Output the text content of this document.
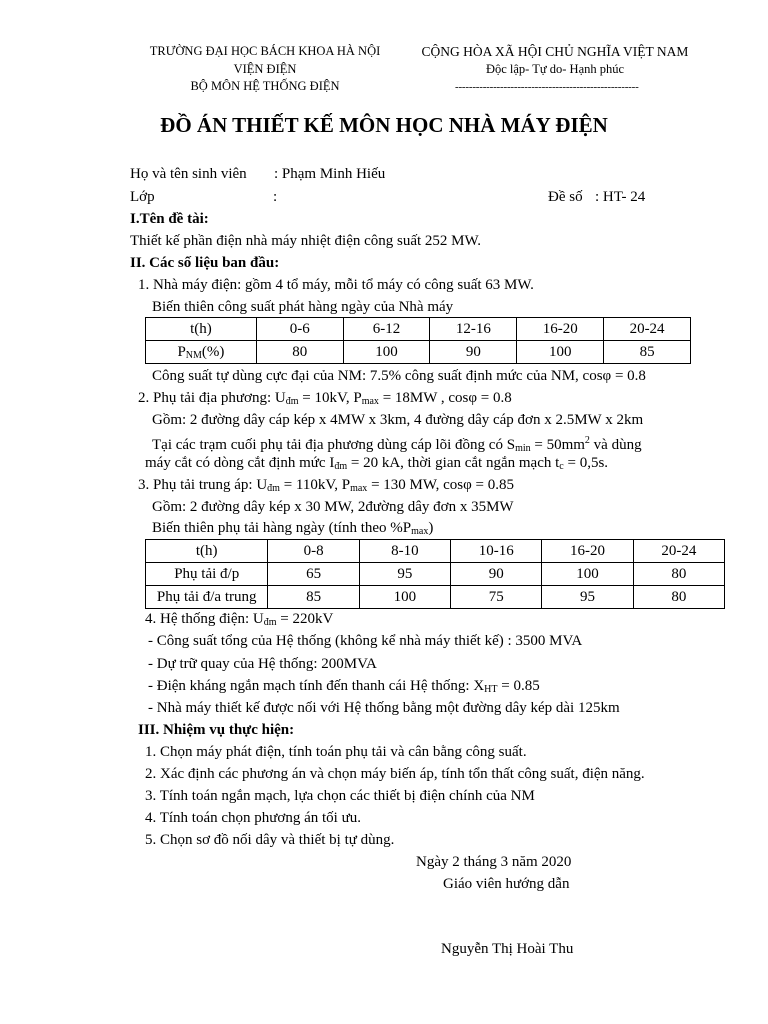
TRƯỜNG ĐẠI HỌC BÁCH KHOA HÀ NỘI
VIỆN ĐIỆN
BỘ MÔN HỆ THỐNG ĐIỆN
CỘNG HÒA XÃ HỘI CHỦ NGHĨA VIỆT NAM
Độc lập- Tự do- Hạnh phúc
-----------------------------------------------------
ĐỒ ÁN THIẾT KẾ MÔN HỌC NHÀ MÁY ĐIỆN
Họ và tên sinh viên : Phạm Minh Hiếu
Lớp	:	Đề số : HT- 24
I.Tên đề tài:
Thiết kế phần điện nhà máy nhiệt điện công suất 252 MW.
II. Các số liệu ban đầu:
1. Nhà máy điện: gồm 4 tổ máy, mỗi tổ máy có công suất 63 MW.
Biến thiên công suất phát hàng ngày của Nhà máy
t(h)	0-6	6-12	12-16	16-20	20-24
$P_{NM}(\%)$	80	100	90	100	85
Công suất tự dùng cực đại của NM: 7.5% công suất định mức của NM, cosφ = 0.8
2. Phụ tải địa phương: $U_{đm} = 10kV$, $P_{max} = 18MW$ , cosφ = 0.8
Gồm: 2 đường dây cáp kép x 4MW x 3km, 4 đường dây cáp đơn x 2.5MW x 2km
Tại các trạm cuối phụ tải địa phương dùng cáp lõi đồng có $S_{min} = 50mm^2$ và dùng
máy cắt có dòng cắt định mức $I_{đm} = 20$ kA, thời gian cắt ngắn mạch $t_c = 0,5s$.
3. Phụ tải trung áp: $U_{đm} = 110kV$, $P_{max} = 130$ MW, cosφ = 0.85
Gồm: 2 đường dây kép x 30 MW, 2đường dây đơn x 35MW
Biến thiên phụ tải hàng ngày (tính theo $\%P_{max}$)
t(h)	0-8	8-10	10-16	16-20	20-24
Phụ tải đ/p	65	95	90	100	80
Phụ tải đ/a trung	85	100	75	95	80
4. Hệ thống điện: $U_{đm} = 220kV$
- Công suất tổng của Hệ thống (không kể nhà máy thiết kế) : 3500 MVA
- Dự trữ quay của Hệ thống: 200MVA
- Điện kháng ngắn mạch tính đến thanh cái Hệ thống: $X_{HT} = 0.85$
- Nhà máy thiết kế được nối với Hệ thống bằng một đường dây kép dài 125km
III. Nhiệm vụ thực hiện:
1. Chọn máy phát điện, tính toán phụ tải và cân bằng công suất.
2. Xác định các phương án và chọn máy biến áp, tính tổn thất công suất, điện năng.
3. Tính toán ngắn mạch, lựa chọn các thiết bị điện chính của NM
4. Tính toán chọn phương án tối ưu.
5. Chọn sơ đồ nối dây và thiết bị tự dùng.
Ngày 2 tháng 3 năm 2020
Giáo viên hướng dẫn
Nguyễn Thị Hoài Thu
